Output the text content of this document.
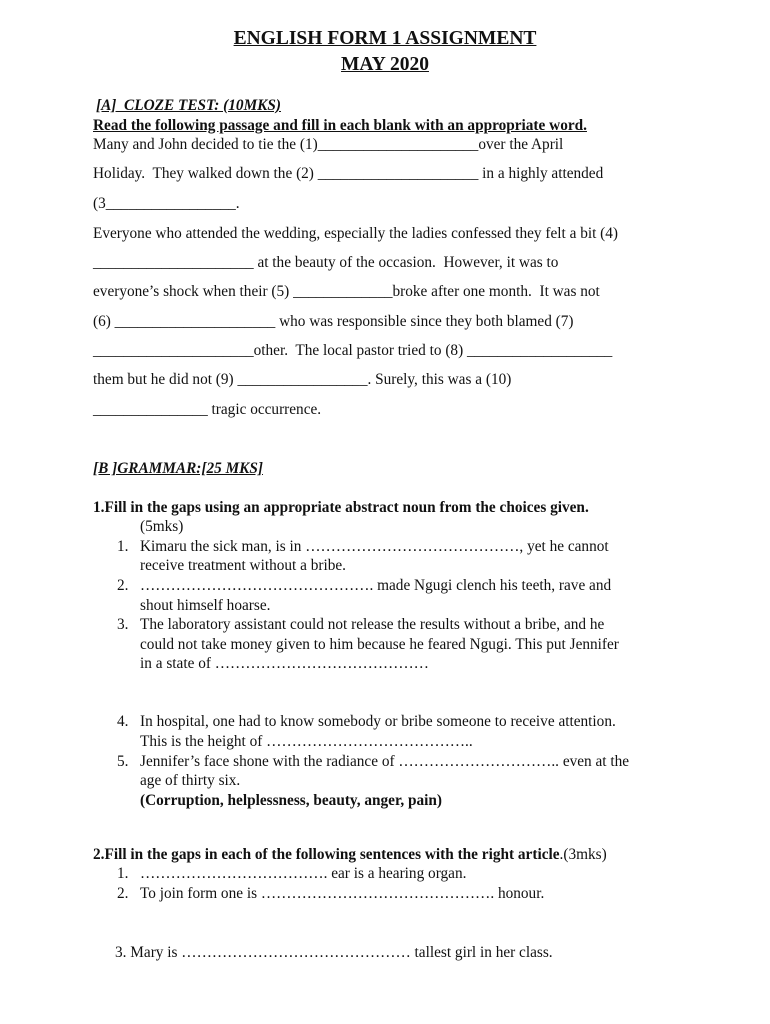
ENGLISH FORM 1 ASSIGNMENT
MAY 2020
[A]  CLOZE TEST: (10MKS)
Read the following passage and fill in each blank with an appropriate word.
Many and John decided to tie the (1)_____________________over the April
Holiday.  They walked down the (2) _____________________ in a highly attended
(3_________________.
Everyone who attended the wedding, especially the ladies confessed they felt a bit (4)
_____________________ at the beauty of the occasion.  However, it was to
everyone’s shock when their (5) _____________broke after one month.  It was not
(6) _____________________ who was responsible since they both blamed (7)
_____________________other.  The local pastor tried to (8) ___________________
them but he did not (9) _________________. Surely, this was a (10)
_______________ tragic occurrence.
[B ]GRAMMAR:[25 MKS]
1.Fill in the gaps using an appropriate abstract noun from the choices given.
(5mks)
1. Kimaru the sick man, is in ……………………………………, yet he cannot
receive treatment without a bribe.
2. ………………………………………. made Ngugi clench his teeth, rave and
shout himself hoarse.
3. The laboratory assistant could not release the results without a bribe, and he
could not take money given to him because he feared Ngugi. This put Jennifer
in a state of ……………………………………
4. In hospital, one had to know somebody or bribe someone to receive attention.
This is the height of …………………………………..
5. Jennifer’s face shone with the radiance of ………………………….. even at the
age of thirty six.
(Corruption, helplessness, beauty, anger, pain)
2.Fill in the gaps in each of the following sentences with the right article.(3mks)
1. ………………………………. ear is a hearing organ.
2. To join form one is ………………………………………. honour.
3. Mary is ……………………………………… tallest girl in her class.
